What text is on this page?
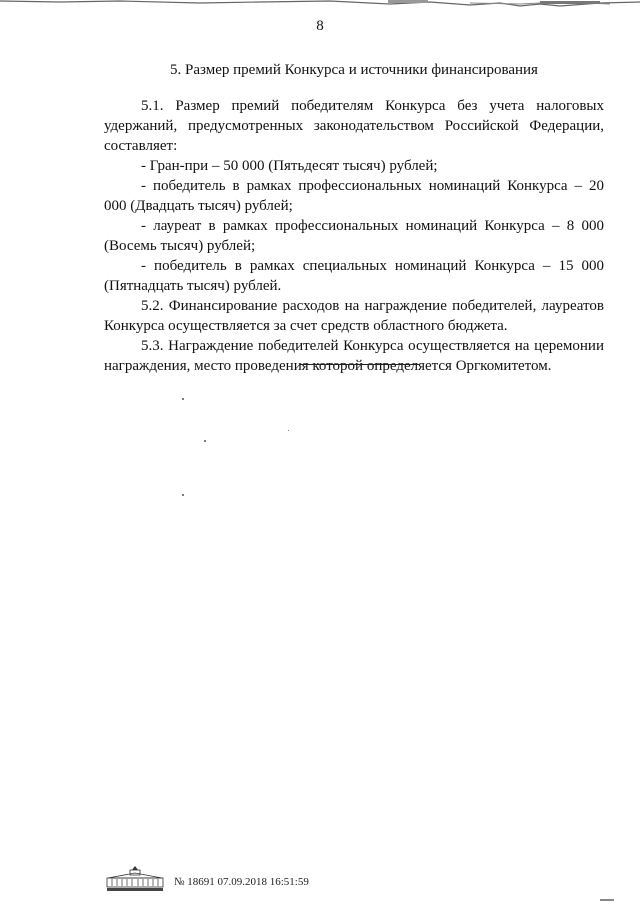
8
5. Размер премий Конкурса и источники финансирования

5.1. Размер премий победителям Конкурса без учета налоговых удержаний, предусмотренных законодательством Российской Федерации, составляет:

- Гран-при – 50 000 (Пятьдесят тысяч) рублей;

- победитель в рамках профессиональных номинаций Конкурса – 20 000 (Двадцать тысяч) рублей;

- лауреат в рамках профессиональных номинаций Конкурса – 8 000 (Восемь тысяч) рублей;

- победитель в рамках специальных номинаций Конкурса – 15 000 (Пятнадцать тысяч) рублей.

5.2. Финансирование расходов на награждение победителей, лауреатов Конкурса осуществляется за счет средств областного бюджета.

5.3. Награждение победителей Конкурса осуществляется на церемонии награждения, место проведения которой определяется Оргкомитетом.

№ 18691 07.09.2018 16:51:59
